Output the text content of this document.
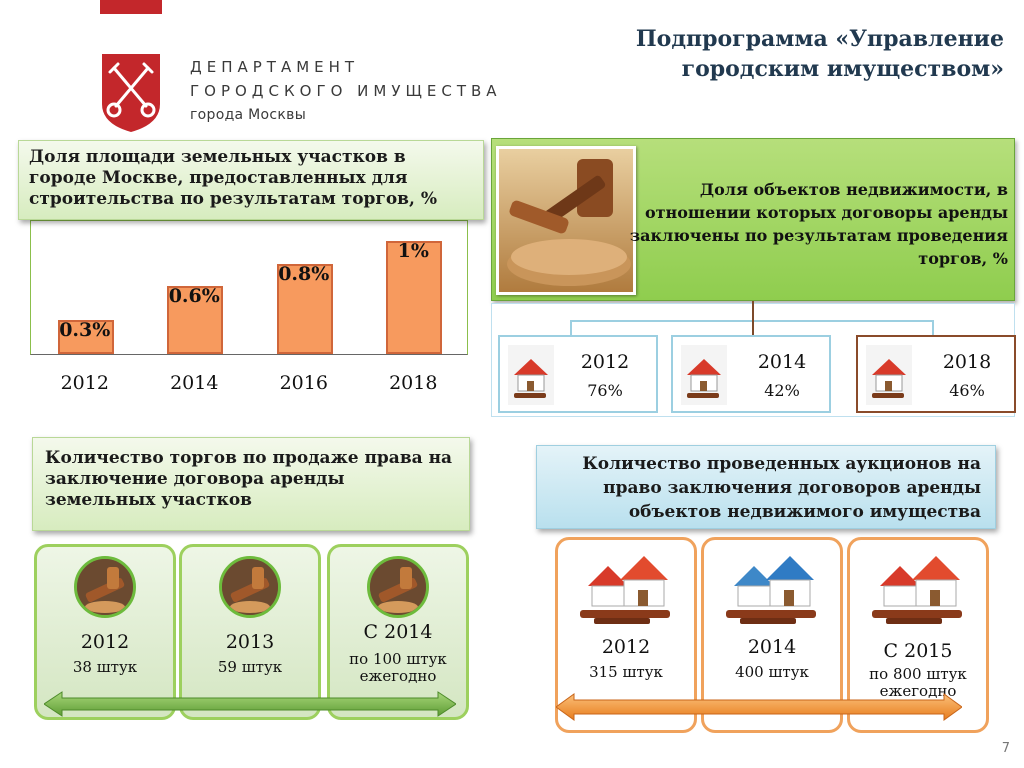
ДЕПАРТАМЕНТ
ГОРОДСКОГО ИМУЩЕСТВА
города Москвы
Подпрограмма «Управление
городским имуществом»
0.3%
2012
0.6%
2014
0.8%
2016
1%
2018
Доля площади земельных участков в городе Москве, предоставленных для строительства по результатам торгов, %	Доля объектов недвижимости, в отношении которых договоры аренды заключены по результатам проведения торгов, %
2012
76%
2014
42%
2018
46%
Количество торгов по продаже права на заключение договора аренды земельных участков
2012
38 штук
2013
59 штук
С 2014
по 100 штук ежегодно
Количество проведенных аукционов на право заключения договоров аренды объектов недвижимого имущества
2012
315 штук
2014
400 штук
С 2015
по 800 штук ежегодно
7
